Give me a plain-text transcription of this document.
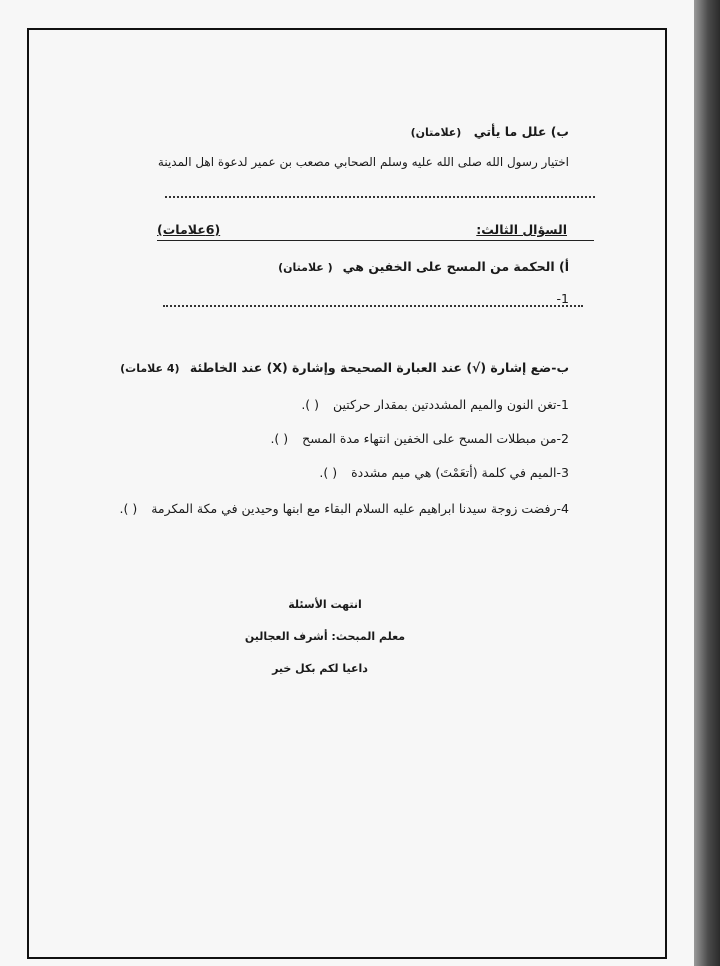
ب) علل ما يأتي (علامتان)
اختيار رسول الله صلى الله عليه وسلم الصحابي مصعب بن عمير لدعوة اهل المدينة
السؤال الثالث:
(6علامات)
أ) الحكمة من المسح على الخفين هي ( علامتان)
1-
ب-ضع إشارة (√) عند العبارة الصحيحة وإشارة (X) عند الخاطئة (4 علامات)
1-تغن النون والميم المشددتين بمقدار حركتين ( ).
2-من مبطلات المسح على الخفين انتهاء مدة المسح ( ).
3-الميم في كلمة (أتعَمْتَ) هي ميم مشددة ( ).
4-رفضت زوجة سيدنا ابراهيم عليه السلام البقاء مع ابنها وحيدين في مكة المكرمة ( ).
انتهت الأسئلة
معلم المبحث: أشرف العجالين
داعيا لكم بكل خير
